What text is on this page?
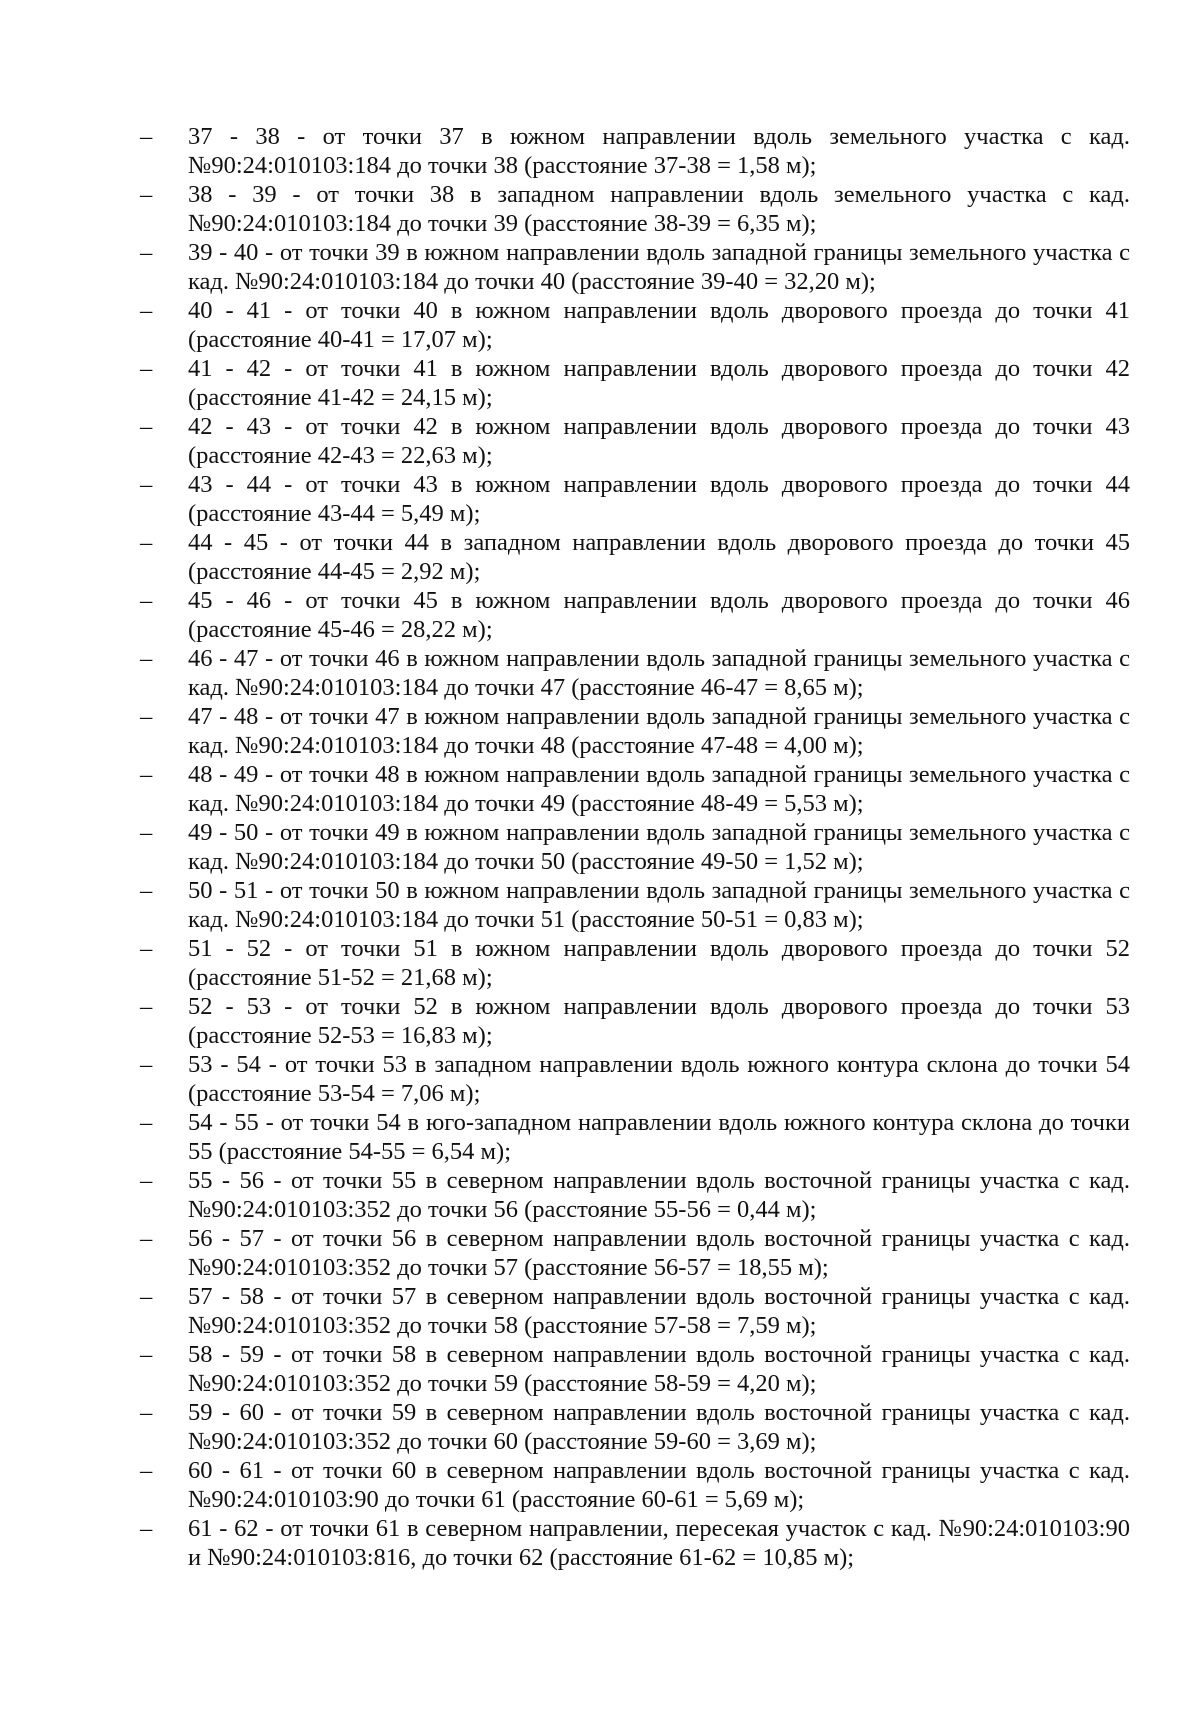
–	37 - 38 - от точки 37 в южном направлении вдоль земельного участка с кад. №90:24:010103:184 до точки 38 (расстояние 37-38 = 1,58 м);
–	38 - 39 - от точки 38 в западном направлении вдоль земельного участка с кад. №90:24:010103:184 до точки 39 (расстояние 38-39 = 6,35 м);
–	39 - 40 - от точки 39 в южном направлении вдоль западной границы земельного участка с кад. №90:24:010103:184 до точки 40 (расстояние 39-40 = 32,20 м);
–	40 - 41 - от точки 40 в южном направлении вдоль дворового проезда до точки 41 (расстояние 40-41 = 17,07 м);
–	41 - 42 - от точки 41 в южном направлении вдоль дворового проезда до точки 42 (расстояние 41-42 = 24,15 м);
–	42 - 43 - от точки 42 в южном направлении вдоль дворового проезда до точки 43 (расстояние 42-43 = 22,63 м);
–	43 - 44 - от точки 43 в южном направлении вдоль дворового проезда до точки 44 (расстояние 43-44 = 5,49 м);
–	44 - 45 - от точки 44 в западном направлении вдоль дворового проезда до точки 45 (расстояние 44-45 = 2,92 м);
–	45 - 46 - от точки 45 в южном направлении вдоль дворового проезда до точки 46 (расстояние 45-46 = 28,22 м);
–	46 - 47 - от точки 46 в южном направлении вдоль западной границы земельного участка с кад. №90:24:010103:184 до точки 47 (расстояние 46-47 = 8,65 м);
–	47 - 48 - от точки 47 в южном направлении вдоль западной границы земельного участка с кад. №90:24:010103:184 до точки 48 (расстояние 47-48 = 4,00 м);
–	48 - 49 - от точки 48 в южном направлении вдоль западной границы земельного участка с кад. №90:24:010103:184 до точки 49 (расстояние 48-49 = 5,53 м);
–	49 - 50 - от точки 49 в южном направлении вдоль западной границы земельного участка с кад. №90:24:010103:184 до точки 50 (расстояние 49-50 = 1,52 м);
–	50 - 51 - от точки 50 в южном направлении вдоль западной границы земельного участка с кад. №90:24:010103:184 до точки 51 (расстояние 50-51 = 0,83 м);
–	51 - 52 - от точки 51 в южном направлении вдоль дворового проезда до точки 52 (расстояние 51-52 = 21,68 м);
–	52 - 53 - от точки 52 в южном направлении вдоль дворового проезда до точки 53 (расстояние 52-53 = 16,83 м);
–	53 - 54 - от точки 53 в западном направлении вдоль южного контура склона до точки 54 (расстояние 53-54 = 7,06 м);
–	54 - 55 - от точки 54 в юго-западном направлении вдоль южного контура склона до точки 55 (расстояние 54-55 = 6,54 м);
–	55 - 56 - от точки 55 в северном направлении вдоль восточной границы участка с кад. №90:24:010103:352 до точки 56 (расстояние 55-56 = 0,44 м);
–	56 - 57 - от точки 56 в северном направлении вдоль восточной границы участка с кад. №90:24:010103:352 до точки 57 (расстояние 56-57 = 18,55 м);
–	57 - 58 - от точки 57 в северном направлении вдоль восточной границы участка с кад. №90:24:010103:352 до точки 58 (расстояние 57-58 = 7,59 м);
–	58 - 59 - от точки 58 в северном направлении вдоль восточной границы участка с кад. №90:24:010103:352 до точки 59 (расстояние 58-59 = 4,20 м);
–	59 - 60 - от точки 59 в северном направлении вдоль восточной границы участка с кад. №90:24:010103:352 до точки 60 (расстояние 59-60 = 3,69 м);
–	60 - 61 - от точки 60 в северном направлении вдоль восточной границы участка с кад. №90:24:010103:90 до точки 61 (расстояние 60-61 = 5,69 м);
–	61 - 62 - от точки 61 в северном направлении, пересекая участок с кад. №90:24:010103:90 и №90:24:010103:816, до точки 62 (расстояние 61-62 = 10,85 м);
